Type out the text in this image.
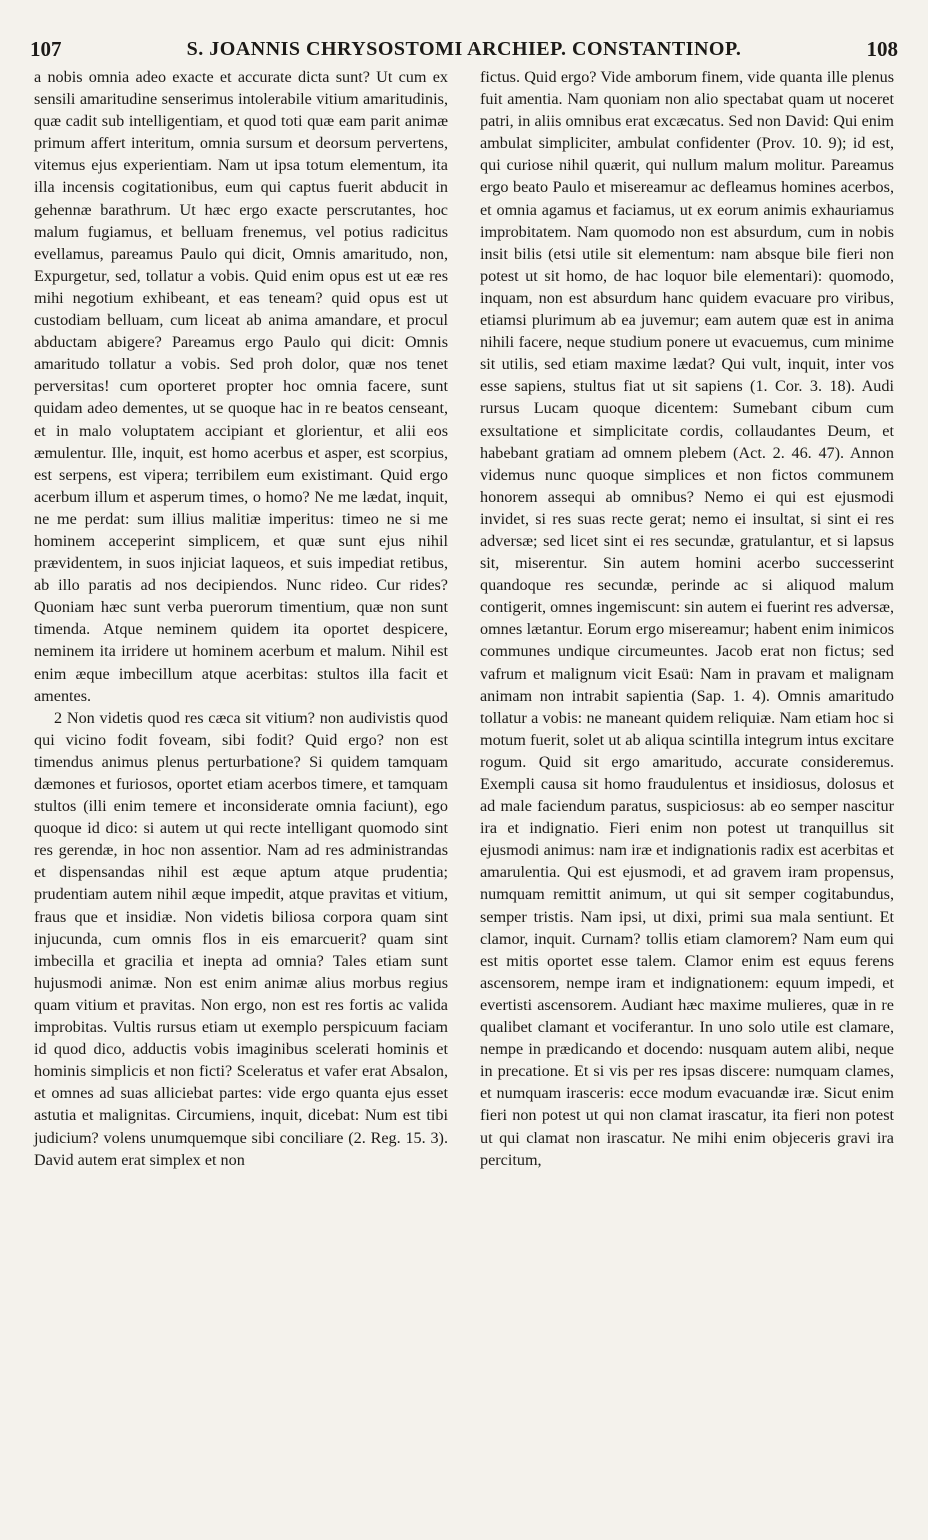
107	S. JOANNIS CHRYSOSTOMI ARCHIEP. CONSTANTINOP.	108

a nobis omnia adeo exacte et accurate dicta sunt? Ut cum ex sensili amaritudine senserimus intolerabile vitium amaritudinis, quæ cadit sub intelligentiam, et quod toti quæ eam parit animæ primum affert interitum, omnia sursum et deorsum pervertens, vitemus ejus experientiam. Nam ut ipsa totum elementum, ita illa incensis cogitationibus, eum qui captus fuerit abducit in gehennæ barathrum. Ut hæc ergo exacte perscrutantes, hoc malum fugiamus, et belluam frenemus, vel potius radicitus evellamus, pareamus Paulo qui dicit, Omnis amaritudo, non, Expurgetur, sed, tollatur a vobis. Quid enim opus est ut eæ res mihi negotium exhibeant, et eas teneam? quid opus est ut custodiam belluam, cum liceat ab anima amandare, et procul abductam abigere? Pareamus ergo Paulo qui dicit: Omnis amaritudo tollatur a vobis. Sed proh dolor, quæ nos tenet perversitas! cum oporteret propter hoc omnia facere, sunt quidam adeo dementes, ut se quoque hac in re beatos censeant, et in malo voluptatem accipiant et glorientur, et alii eos æmulentur. Ille, inquit, est homo acerbus et asper, est scorpius, est serpens, est vipera; terribilem eum existimant. Quid ergo acerbum illum et asperum times, o homo? Ne me lædat, inquit, ne me perdat: sum illius malitiæ imperitus: timeo ne si me hominem acceperint simplicem, et quæ sunt ejus nihil prævidentem, in suos injiciat laqueos, et suis impediat retibus, ab illo paratis ad nos decipiendos. Nunc rideo. Cur rides? Quoniam hæc sunt verba puerorum timentium, quæ non sunt timenda. Atque neminem quidem ita oportet despicere, neminem ita irridere ut hominem acerbum et malum. Nihil est enim æque imbecillum atque acerbitas: stultos illa facit et amentes.

2 Non videtis quod res cæca sit vitium? non audivistis quod qui vicino fodit foveam, sibi fodit? Quid ergo? non est timendus animus plenus perturbatione? Si quidem tamquam dæmones et furiosos, oportet etiam acerbos timere, et tamquam stultos (illi enim temere et inconsiderate omnia faciunt), ego quoque id dico: si autem ut qui recte intelligant quomodo sint res gerendæ, in hoc non assentior. Nam ad res administrandas et dispensandas nihil est æque aptum atque prudentia; prudentiam autem nihil æque impedit, atque pravitas et vitium, fraus que et insidiæ. Non videtis biliosa corpora quam sint injucunda, cum omnis flos in eis emarcuerit? quam sint imbecilla et gracilia et inepta ad omnia? Tales etiam sunt hujusmodi animæ. Non est enim animæ alius morbus regius quam vitium et pravitas. Non ergo, non est res fortis ac valida improbitas. Vultis rursus etiam ut exemplo perspicuum faciam id quod dico, adductis vobis imaginibus scelerati hominis et hominis simplicis et non ficti? Sceleratus et vafer erat Absalon, et omnes ad suas alliciebat partes: vide ergo quanta ejus esset astutia et malignitas. Circumiens, inquit, dicebat: Num est tibi judicium? volens unumquemque sibi conciliare (2. Reg. 15. 3). David autem erat simplex et non

fictus. Quid ergo? Vide amborum finem, vide quanta ille plenus fuit amentia. Nam quoniam non alio spectabat quam ut noceret patri, in aliis omnibus erat excæcatus. Sed non David: Qui enim ambulat simpliciter, ambulat confidenter (Prov. 10. 9); id est, qui curiose nihil quærit, qui nullum malum molitur. Pareamus ergo beato Paulo et misereamur ac defleamus homines acerbos, et omnia agamus et faciamus, ut ex eorum animis exhauriamus improbitatem. Nam quomodo non est absurdum, cum in nobis insit bilis (etsi utile sit elementum: nam absque bile fieri non potest ut sit homo, de hac loquor bile elementari): quomodo, inquam, non est absurdum hanc quidem evacuare pro viribus, etiamsi plurimum ab ea juvemur; eam autem quæ est in anima nihili facere, neque studium ponere ut evacuemus, cum minime sit utilis, sed etiam maxime lædat? Qui vult, inquit, inter vos esse sapiens, stultus fiat ut sit sapiens (1. Cor. 3. 18). Audi rursus Lucam quoque dicentem: Sumebant cibum cum exsultatione et simplicitate cordis, collaudantes Deum, et habebant gratiam ad omnem plebem (Act. 2. 46. 47). Annon videmus nunc quoque simplices et non fictos communem honorem assequi ab omnibus? Nemo ei qui est ejusmodi invidet, si res suas recte gerat; nemo ei insultat, si sint ei res adversæ; sed licet sint ei res secundæ, gratulantur, et si lapsus sit, miserentur. Sin autem homini acerbo successerint quandoque res secundæ, perinde ac si aliquod malum contigerit, omnes ingemiscunt: sin autem ei fuerint res adversæ, omnes lætantur. Eorum ergo misereamur; habent enim inimicos communes undique circumeuntes. Jacob erat non fictus; sed vafrum et malignum vicit Esaü: Nam in pravam et malignam animam non intrabit sapientia (Sap. 1. 4). Omnis amaritudo tollatur a vobis: ne maneant quidem reliquiæ. Nam etiam hoc si motum fuerit, solet ut ab aliqua scintilla integrum intus excitare rogum. Quid sit ergo amaritudo, accurate consideremus. Exempli causa sit homo fraudulentus et insidiosus, dolosus et ad male faciendum paratus, suspiciosus: ab eo semper nascitur ira et indignatio. Fieri enim non potest ut tranquillus sit ejusmodi animus: nam iræ et indignationis radix est acerbitas et amarulentia. Qui est ejusmodi, et ad gravem iram propensus, numquam remittit animum, ut qui sit semper cogitabundus, semper tristis. Nam ipsi, ut dixi, primi sua mala sentiunt. Et clamor, inquit. Curnam? tollis etiam clamorem? Nam eum qui est mitis oportet esse talem. Clamor enim est equus ferens ascensorem, nempe iram et indignationem: equum impedi, et evertisti ascensorem. Audiant hæc maxime mulieres, quæ in re qualibet clamant et vociferantur. In uno solo utile est clamare, nempe in prædicando et docendo: nusquam autem alibi, neque in precatione. Et si vis per res ipsas discere: numquam clames, et numquam irasceris: ecce modum evacuandæ iræ. Sicut enim fieri non potest ut qui non clamat irascatur, ita fieri non potest ut qui clamat non irascatur. Ne mihi enim objeceris gravi ira percitum,
